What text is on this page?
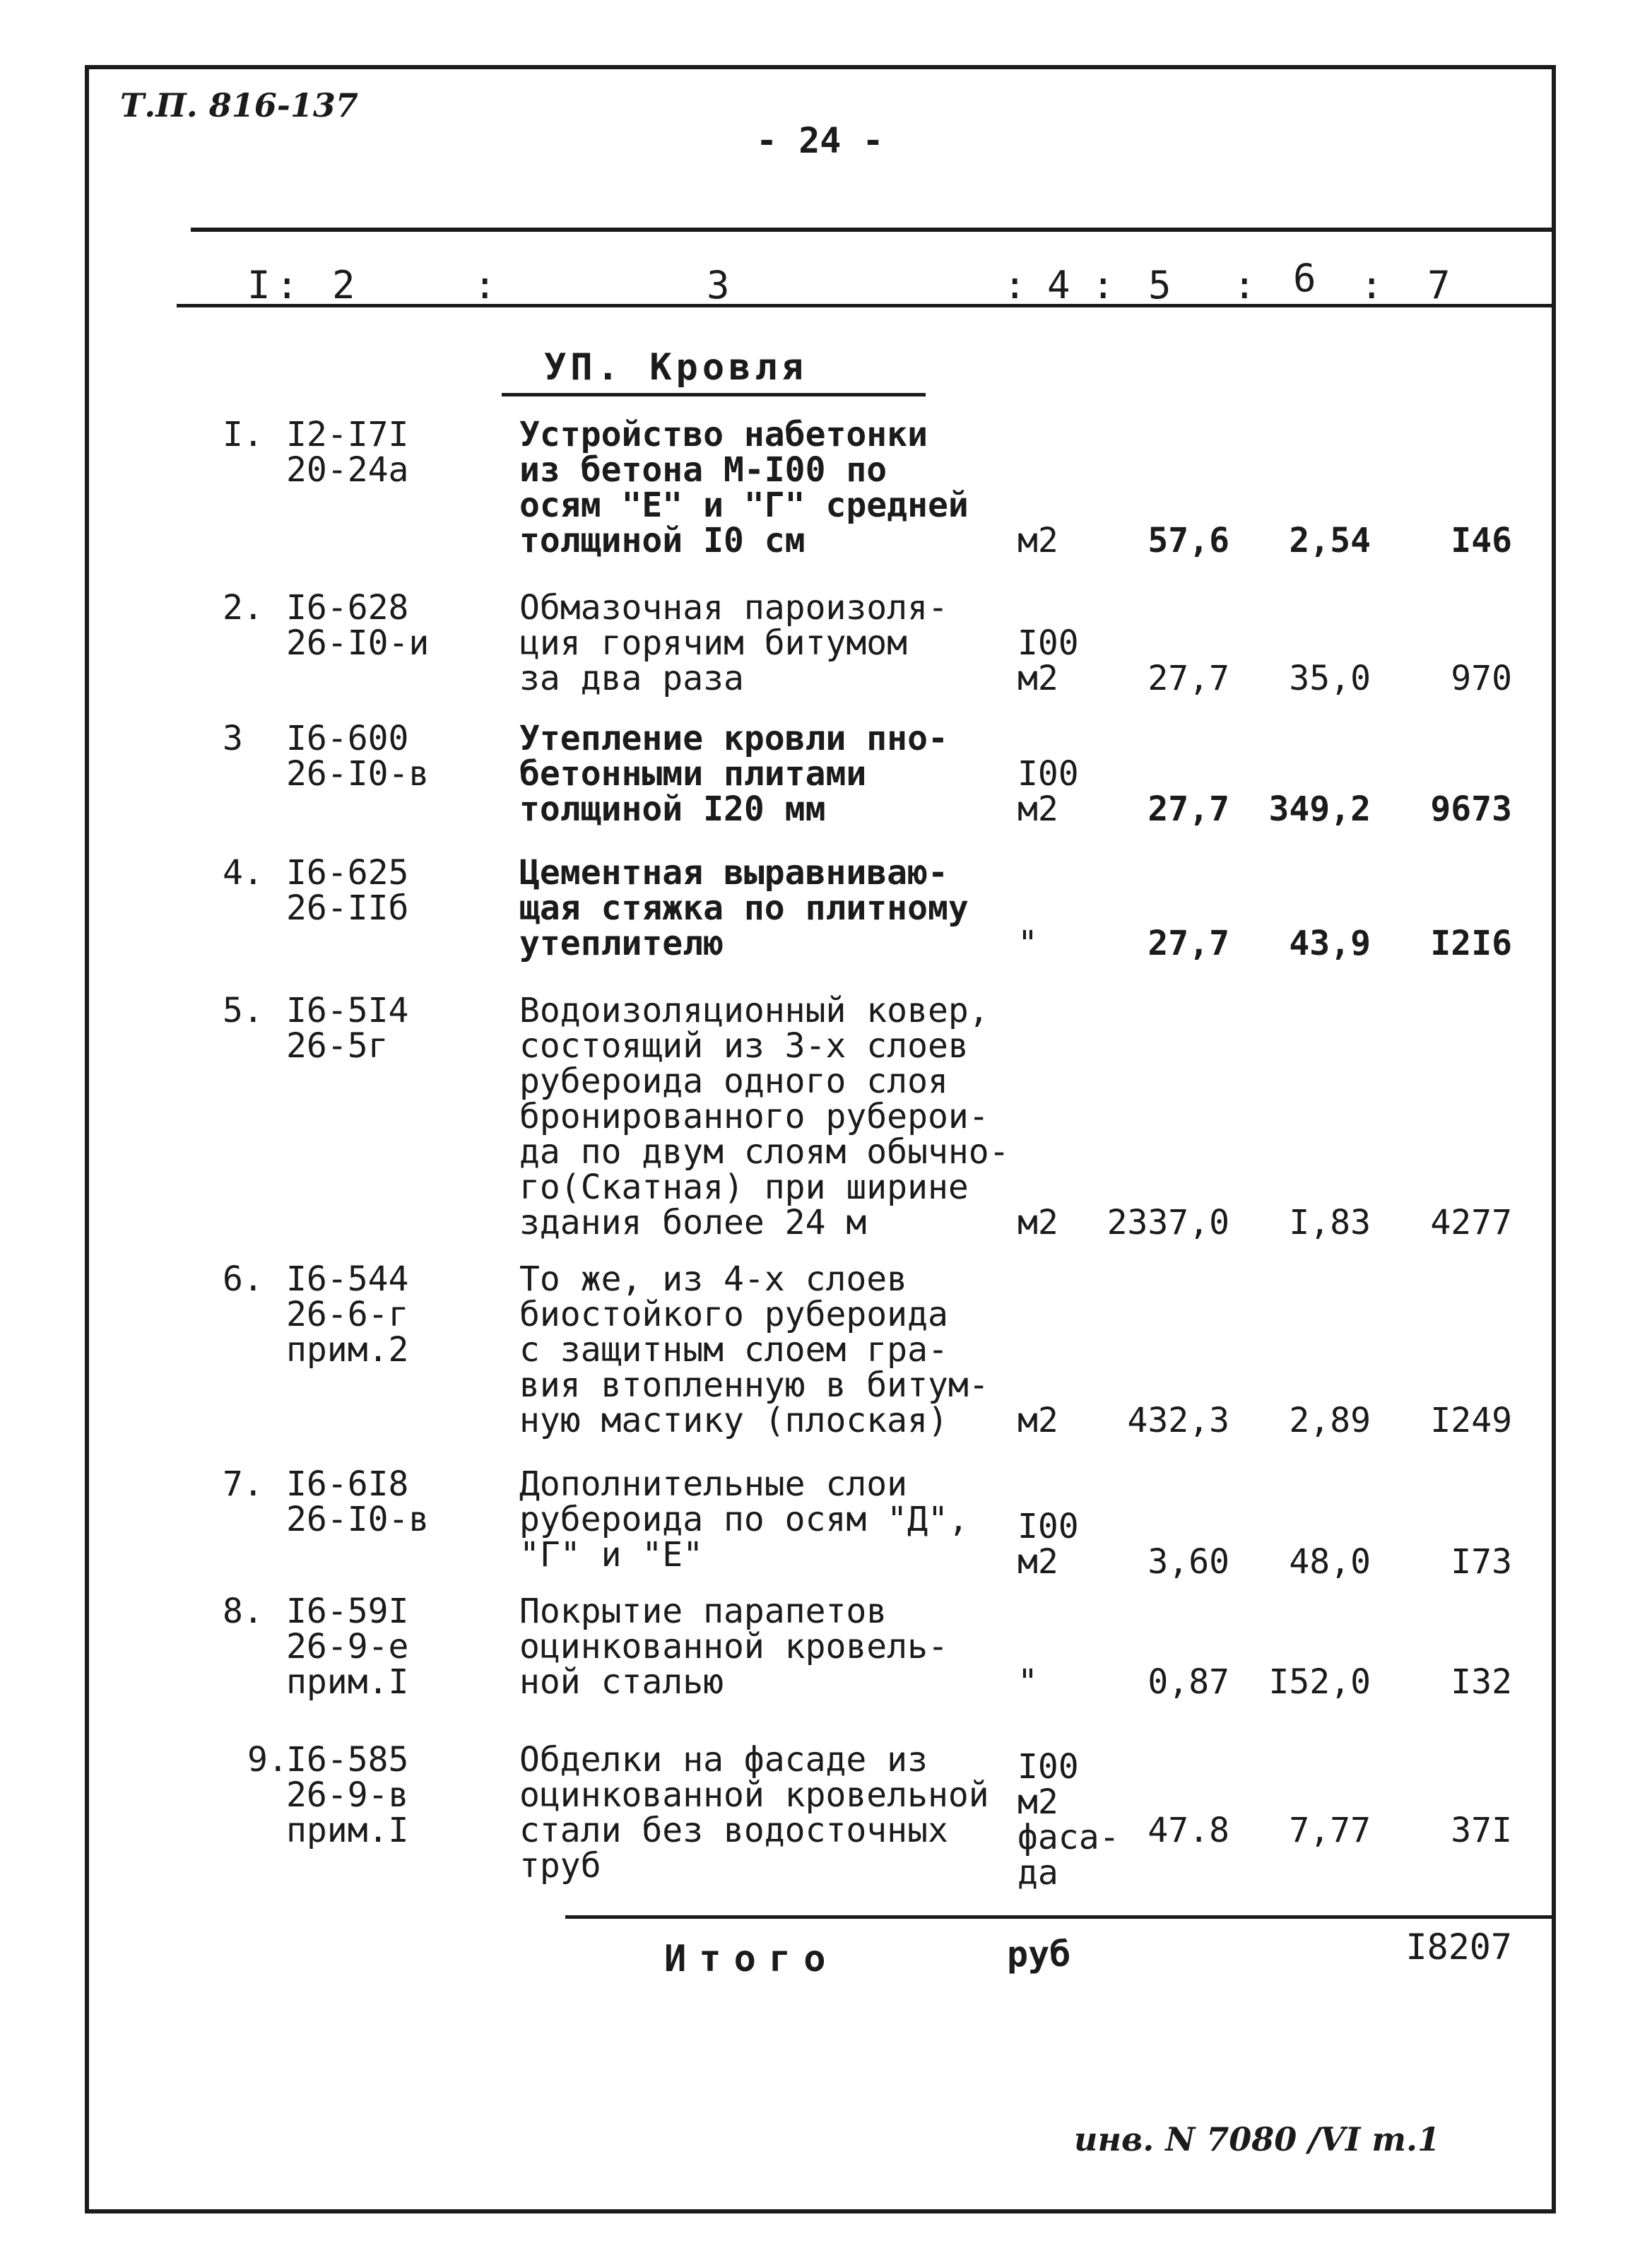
Т.П. 816-137
- 24 -
I : 2	:	3	: 4 : 5 : 6 : 7
УП. Кровля
I. I2-I7I
20-24а
Устройство набетонки
из бетона М-I00 по
осям "Е" и "Г" средней
толщиной I0 см	м2	57,6	2,54	I46
2. I6-628
26-I0-и
Обмазочная пароизоля-
ция горячим битумом
за два раза
I00
м2	27,7	35,0	970
3 I6-600
26-I0-в
Утепление кровли пно-
бетонными плитами
толщиной I20 мм
I00
м2	27,7	349,2	9673
4. I6-625
26-IIб
Цементная выравниваю-
щая стяжка по плитному
утеплителю	"	27,7	43,9	I2I6
5. I6-5I4
26-5г
Водоизоляционный ковер,
состоящий из 3-х слоев
рубероида одного слоя
бронированного рубeрои-
да по двум слоям обычно-
го(Скатная) при ширине
здания более 24 м	м2	2337,0	I,83	4277
6. I6-544
26-6-г
прим.2
То же, из 4-х слоев
биостойкого рубероида
с защитным слоем гра-
вия втопленную в битум-
ную мастику (плоская) м2	432,3	2,89	I249
7. I6-6I8
26-I0-в
Дополнительные слои
рубероида по осям "Д",
"Г" и "Е"
I00
м2	3,60	48,0	I73
8. I6-59I
26-9-е
прим.I
Покрытие парапетов
оцинкованной кровель-
ной сталью	"	0,87	I52,0	I32
9.
I6-585
26-9-в
прим.I
Обделки на фасаде из
оцинкованной кровельной
стали без водосточных
труб
I00
м2
фаса-
да
47.8	7,77	37I
Итого	руб	I8207
инв. N 7080 /VI т.1
